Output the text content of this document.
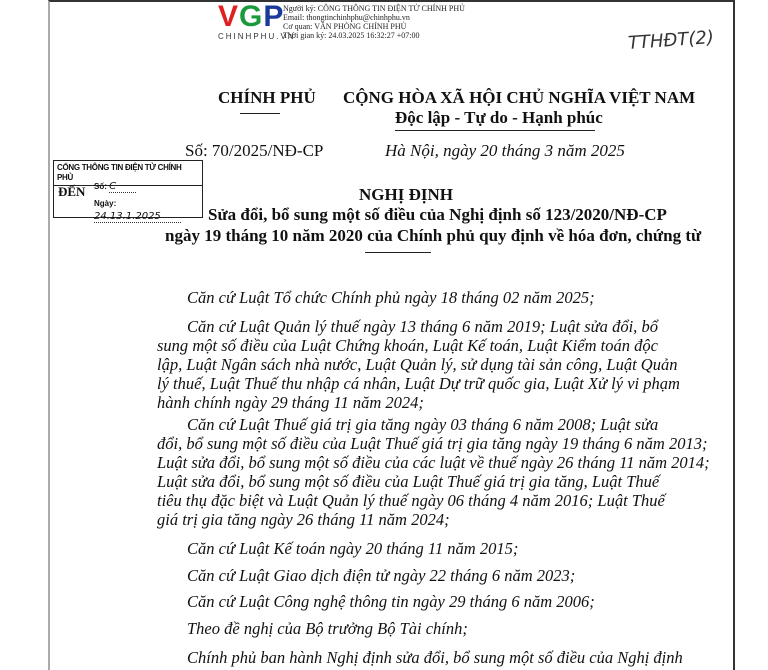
VGP
CHINHPHU.VN
Người ký: CÔNG THÔNG TIN ĐIỆN TỬ CHÍNH PHỦ
Email: thongtinchinhphu@chinhphu.vn
Cơ quan: VĂN PHÒNG CHÍNH PHỦ
Thời gian ký: 24.03.2025 16:32:27 +07:00	TTHĐT(2)
CHÍNH PHỦ CỘNG HÒA XÃ HỘI CHỦ NGHĨA VIỆT NAM
Độc lập - Tự do - Hạnh phúc
Số: 70/2025/NĐ-CP	Hà Nội, ngày 20 tháng 3 năm 2025
CỔNG THÔNG TIN ĐIỆN TỬ CHÍNH PHỦ
ĐẾN Số: C
Ngày: 24.13.1.2025
NGHỊ ĐỊNH
Sửa đổi, bổ sung một số điều của Nghị định số 123/2020/NĐ-CP
ngày 19 tháng 10 năm 2020 của Chính phủ quy định về hóa đơn, chứng từ
Căn cứ Luật Tổ chức Chính phủ ngày 18 tháng 02 năm 2025;
Căn cứ Luật Quản lý thuế ngày 13 tháng 6 năm 2019; Luật sửa đổi, bổ
sung một số điều của Luật Chứng khoán, Luật Kế toán, Luật Kiểm toán độc
lập, Luật Ngân sách nhà nước, Luật Quản lý, sử dụng tài sản công, Luật Quản
lý thuế, Luật Thuế thu nhập cá nhân, Luật Dự trữ quốc gia, Luật Xử lý vi phạm
hành chính ngày 29 tháng 11 năm 2024;
Căn cứ Luật Thuế giá trị gia tăng ngày 03 tháng 6 năm 2008; Luật sửa
đổi, bổ sung một số điều của Luật Thuế giá trị gia tăng ngày 19 tháng 6 năm 2013;
Luật sửa đổi, bổ sung một số điều của các luật về thuế ngày 26 tháng 11 năm 2014;
Luật sửa đổi, bổ sung một số điều của Luật Thuế giá trị gia tăng, Luật Thuế
tiêu thụ đặc biệt và Luật Quản lý thuế ngày 06 tháng 4 năm 2016; Luật Thuế
giá trị gia tăng ngày 26 tháng 11 năm 2024;
Căn cứ Luật Kế toán ngày 20 tháng 11 năm 2015;
Căn cứ Luật Giao dịch điện tử ngày 22 tháng 6 năm 2023;
Căn cứ Luật Công nghệ thông tin ngày 29 tháng 6 năm 2006;
Theo đề nghị của Bộ trưởng Bộ Tài chính;
Chính phủ ban hành Nghị định sửa đổi, bổ sung một số điều của Nghị định
